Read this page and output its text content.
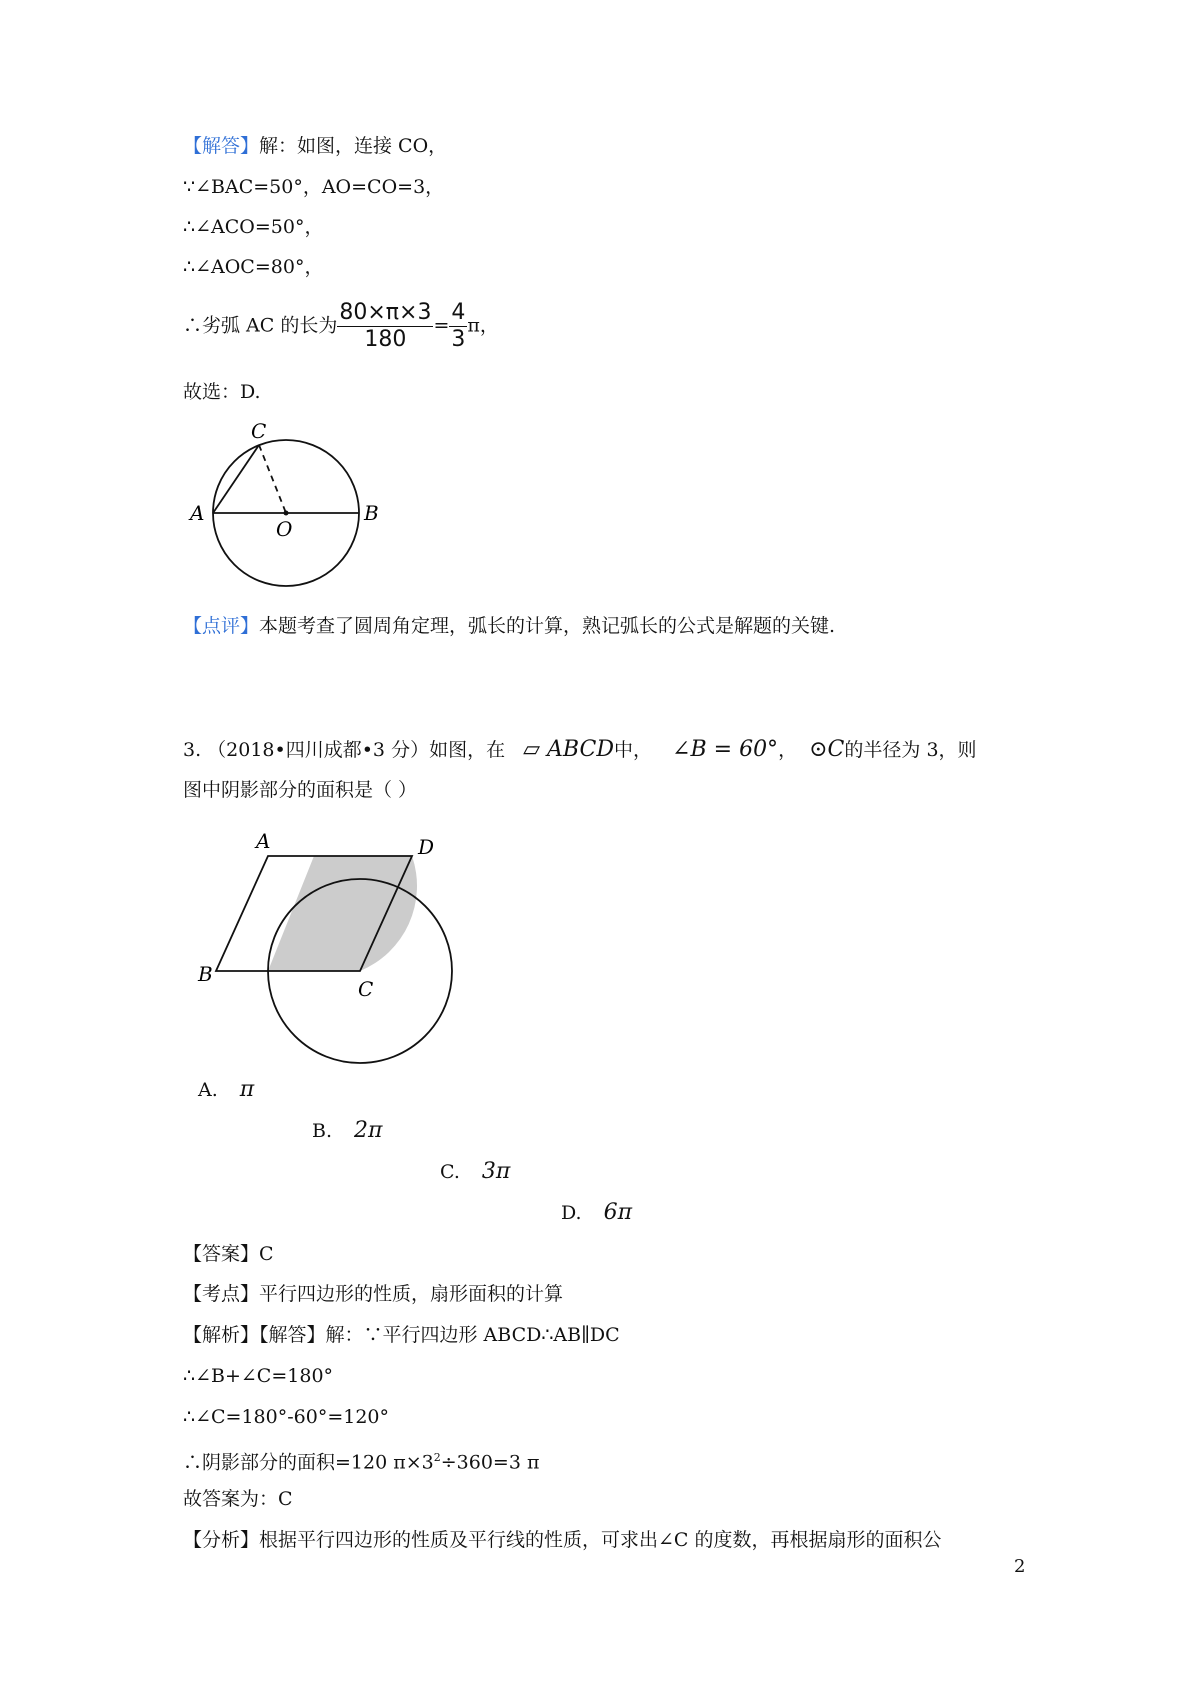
【解答】解：如图，连接 CO，
∵∠BAC=50°，AO=CO=3，
∴∠ACO=50°，
∴∠AOC=80°，
∴劣弧 AC 的长为 $\frac{80\times\pi\times 3}{180} = \frac{4}{3}$ π，
故选：D.
A	B
C
O
【点评】本题考查了圆周角定理，弧长的计算，熟记弧长的公式是解题的关键.
3. （2018•四川成都•3 分）如图，在 ▱ ABCD中， ∠B = 60°， ⊙C的半径为 3，则
图中阴影部分的面积是（ ）
A	D
B
C
A. π
B. 2π
C. 3π
D. 6π
【答案】C
【考点】平行四边形的性质，扇形面积的计算
【解析】【解答】解：∵平行四边形 ABCD∴AB∥DC
∴∠B+∠C=180°
∴∠C=180°-60°=120°
∴阴影部分的面积=120 $\pi\times 3^2\div 360=3$ π
故答案为：C
【分析】根据平行四边形的性质及平行线的性质，可求出∠C 的度数，再根据扇形的面积公
2
